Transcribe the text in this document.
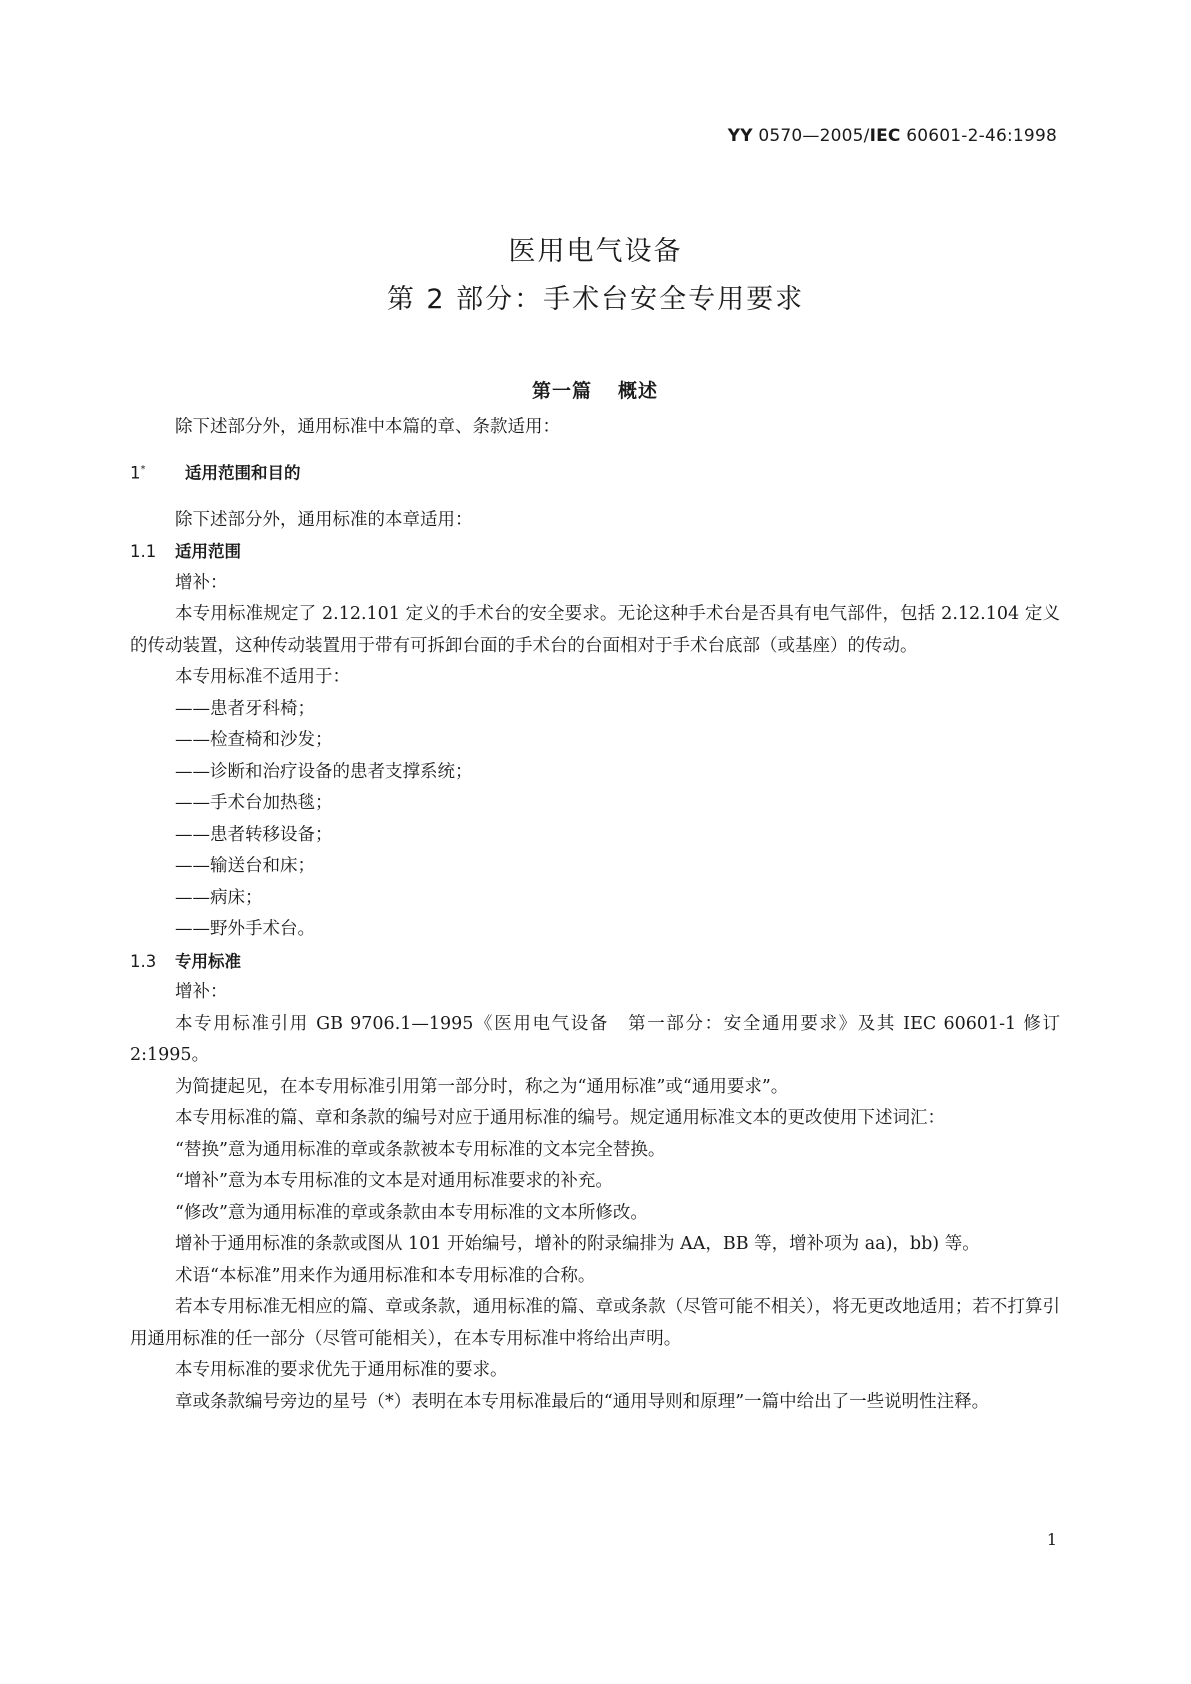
YY 0570—2005/IEC 60601-2-46:1998
医用电气设备
第 2 部分：手术台安全专用要求
第一篇 概述

除下述部分外，通用标准中本篇的章、条款适用：

1* 适用范围和目的

除下述部分外，通用标准的本章适用：

1.1 适用范围

增补：

本专用标准规定了 2.12.101 定义的手术台的安全要求。无论这种手术台是否具有电气部件，包括 2.12.104 定义的传动装置，这种传动装置用于带有可拆卸台面的手术台的台面相对于手术台底部（或基座）的传动。

本专用标准不适用于：

——患者牙科椅；

——检查椅和沙发；

——诊断和治疗设备的患者支撑系统；

——手术台加热毯；

——患者转移设备；

——输送台和床；

——病床；

——野外手术台。

1.3 专用标准

增补：

本专用标准引用 GB 9706.1—1995《医用电气设备　第一部分：安全通用要求》及其 IEC 60601-1 修订 2:1995。

为简捷起见，在本专用标准引用第一部分时，称之为“通用标准”或“通用要求”。

本专用标准的篇、章和条款的编号对应于通用标准的编号。规定通用标准文本的更改使用下述词汇：

“替换”意为通用标准的章或条款被本专用标准的文本完全替换。

“增补”意为本专用标准的文本是对通用标准要求的补充。

“修改”意为通用标准的章或条款由本专用标准的文本所修改。

增补于通用标准的条款或图从 101 开始编号，增补的附录编排为 AA，BB 等，增补项为 aa)，bb) 等。

术语“本标准”用来作为通用标准和本专用标准的合称。

若本专用标准无相应的篇、章或条款，通用标准的篇、章或条款（尽管可能不相关），将无更改地适用；若不打算引用通用标准的任一部分（尽管可能相关），在本专用标准中将给出声明。

本专用标准的要求优先于通用标准的要求。

章或条款编号旁边的星号（*）表明在本专用标准最后的“通用导则和原理”一篇中给出了一些说明性注释。

1
